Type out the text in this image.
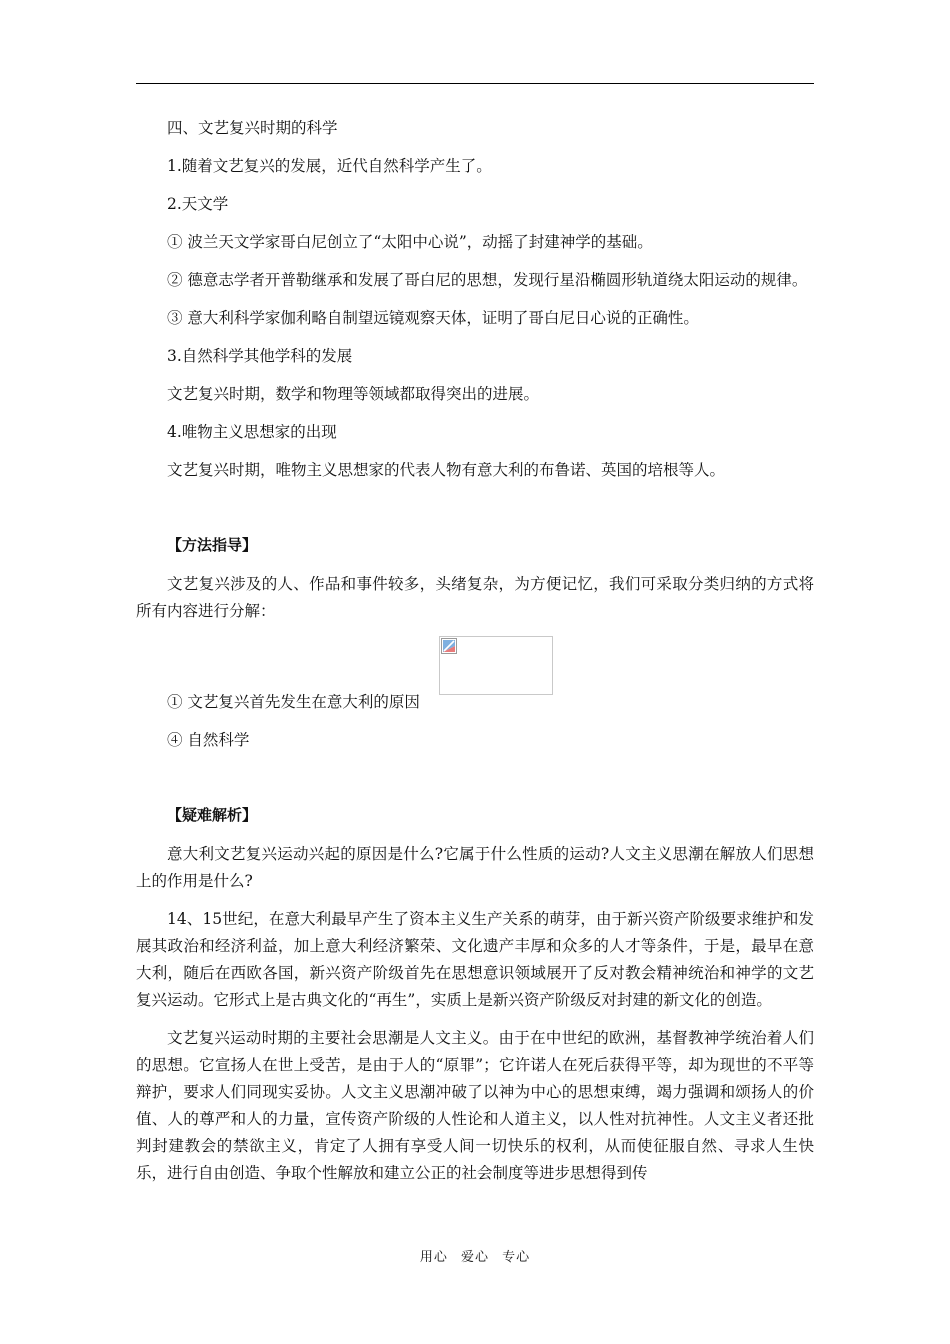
四、文艺复兴时期的科学

1.随着文艺复兴的发展，近代自然科学产生了。

2.天文学

① 波兰天文学家哥白尼创立了“太阳中心说”，动摇了封建神学的基础。

② 德意志学者开普勒继承和发展了哥白尼的思想，发现行星沿椭圆形轨道绕太阳运动的规律。

③ 意大利科学家伽利略自制望远镜观察天体，证明了哥白尼日心说的正确性。

3.自然科学其他学科的发展

文艺复兴时期，数学和物理等领域都取得突出的进展。

4.唯物主义思想家的出现

文艺复兴时期，唯物主义思想家的代表人物有意大利的布鲁诺、英国的培根等人。

【方法指导】

文艺复兴涉及的人、作品和事件较多，头绪复杂，为方便记忆，我们可采取分类归纳的方式将所有内容进行分解：

① 文艺复兴首先发生在意大利的原因

④ 自然科学

【疑难解析】

意大利文艺复兴运动兴起的原因是什么?它属于什么性质的运动?人文主义思潮在解放人们思想上的作用是什么?

14、15世纪，在意大利最早产生了资本主义生产关系的萌芽，由于新兴资产阶级要求维护和发展其政治和经济利益，加上意大利经济繁荣、文化遗产丰厚和众多的人才等条件，于是，最早在意大利，随后在西欧各国，新兴资产阶级首先在思想意识领域展开了反对教会精神统治和神学的文艺复兴运动。它形式上是古典文化的“再生”，实质上是新兴资产阶级反对封建的新文化的创造。

文艺复兴运动时期的主要社会思潮是人文主义。由于在中世纪的欧洲，基督教神学统治着人们的思想。它宣扬人在世上受苦，是由于人的“原罪”；它许诺人在死后获得平等，却为现世的不平等辩护，要求人们同现实妥协。人文主义思潮冲破了以神为中心的思想束缚，竭力强调和颂扬人的价值、人的尊严和人的力量，宣传资产阶级的人性论和人道主义，以人性对抗神性。人文主义者还批判封建教会的禁欲主义，肯定了人拥有享受人间一切快乐的权利，从而使征服自然、寻求人生快乐，进行自由创造、争取个性解放和建立公正的社会制度等进步思想得到传

用心 爱心 专心
